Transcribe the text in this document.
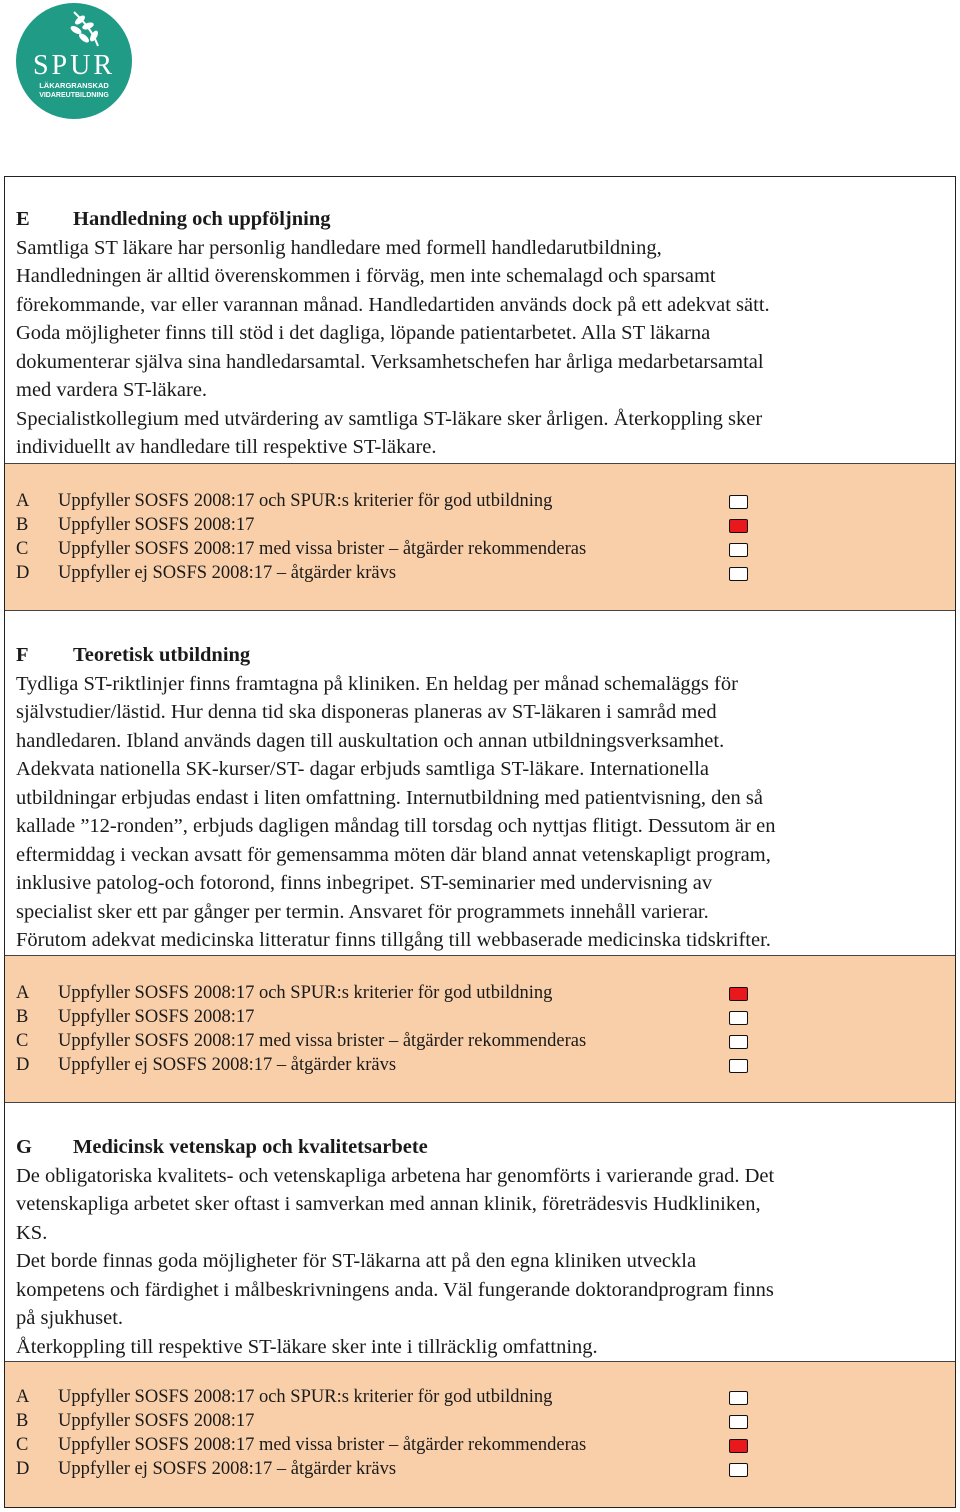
SPUR
LÄKARGRANSKAD
VIDAREUTBILDNING
E Handledning och uppföljning
Samtliga ST läkare har personlig handledare med formell handledarutbildning,
Handledningen är alltid överenskommen i förväg, men inte schemalagd och sparsamt
förekommande, var eller varannan månad. Handledartiden används dock på ett adekvat sätt.
Goda möjligheter finns till stöd i det dagliga, löpande patientarbetet. Alla ST läkarna
dokumenterar själva sina handledarsamtal. Verksamhetschefen har årliga medarbetarsamtal
med vardera ST-läkare.
Specialistkollegium med utvärdering av samtliga ST-läkare sker årligen. Återkoppling sker
individuellt av handledare till respektive ST-läkare.
A Uppfyller SOSFS 2008:17 och SPUR:s kriterier för god utbildning
B Uppfyller SOSFS 2008:17
C Uppfyller SOSFS 2008:17 med vissa brister – åtgärder rekommenderas
D Uppfyller ej SOSFS 2008:17 – åtgärder krävs
F Teoretisk utbildning
Tydliga ST-riktlinjer finns framtagna på kliniken. En heldag per månad schemaläggs för
självstudier/lästid. Hur denna tid ska disponeras planeras av ST-läkaren i samråd med
handledaren. Ibland används dagen till auskultation och annan utbildningsverksamhet.
Adekvata nationella SK-kurser/ST- dagar erbjuds samtliga ST-läkare. Internationella
utbildningar erbjudas endast i liten omfattning. Internutbildning med patientvisning, den så
kallade ”12-ronden”, erbjuds dagligen måndag till torsdag och nyttjas flitigt. Dessutom är en
eftermiddag i veckan avsatt för gemensamma möten där bland annat vetenskapligt program,
inklusive patolog-och fotorond, finns inbegripet. ST-seminarier med undervisning av
specialist sker ett par gånger per termin. Ansvaret för programmets innehåll varierar.
Förutom adekvat medicinska litteratur finns tillgång till webbaserade medicinska tidskrifter.
A Uppfyller SOSFS 2008:17 och SPUR:s kriterier för god utbildning
B Uppfyller SOSFS 2008:17
C Uppfyller SOSFS 2008:17 med vissa brister – åtgärder rekommenderas
D Uppfyller ej SOSFS 2008:17 – åtgärder krävs
G Medicinsk vetenskap och kvalitetsarbete
De obligatoriska kvalitets- och vetenskapliga arbetena har genomförts i varierande grad. Det
vetenskapliga arbetet sker oftast i samverkan med annan klinik, företrädesvis Hudkliniken,
KS.
Det borde finnas goda möjligheter för ST-läkarna att på den egna kliniken utveckla
kompetens och färdighet i målbeskrivningens anda. Väl fungerande doktorandprogram finns
på sjukhuset.
Återkoppling till respektive ST-läkare sker inte i tillräcklig omfattning.
A Uppfyller SOSFS 2008:17 och SPUR:s kriterier för god utbildning
B Uppfyller SOSFS 2008:17
C Uppfyller SOSFS 2008:17 med vissa brister – åtgärder rekommenderas
D Uppfyller ej SOSFS 2008:17 – åtgärder krävs
